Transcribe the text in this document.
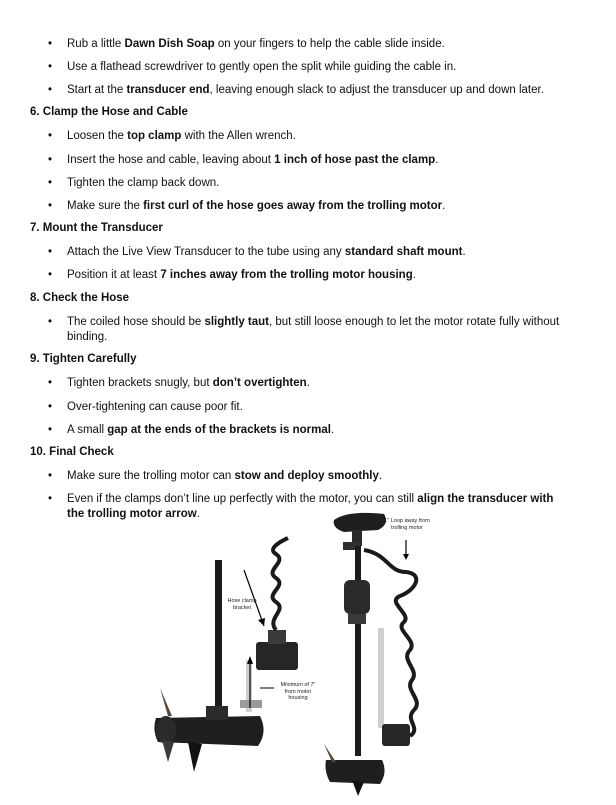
• Rub a little Dawn Dish Soap on your fingers to help the cable slide inside.
• Use a flathead screwdriver to gently open the split while guiding the cable in.
• Start at the transducer end, leaving enough slack to adjust the transducer up and down later.
6. Clamp the Hose and Cable
• Loosen the top clamp with the Allen wrench.
• Insert the hose and cable, leaving about 1 inch of hose past the clamp.
• Tighten the clamp back down.
• Make sure the first curl of the hose goes away from the trolling motor.
7. Mount the Transducer
• Attach the Live View Transducer to the tube using any standard shaft mount.
• Position it at least 7 inches away from the trolling motor housing.
8. Check the Hose
• The coiled hose should be slightly taut, but still loose enough to let the motor rotate fully without binding.
9. Tighten Carefully
• Tighten brackets snugly, but don’t overtighten.
• Over-tightening can cause poor fit.
• A small gap at the ends of the brackets is normal.
10. Final Check
• Make sure the trolling motor can stow and deploy smoothly.
• Even if the clamps don’t line up perfectly with the motor, you can still align the transducer with the trolling motor arrow.
Hose clamp bracket
Minimum of 7" from motor housing
1" Loop away from trolling motor
